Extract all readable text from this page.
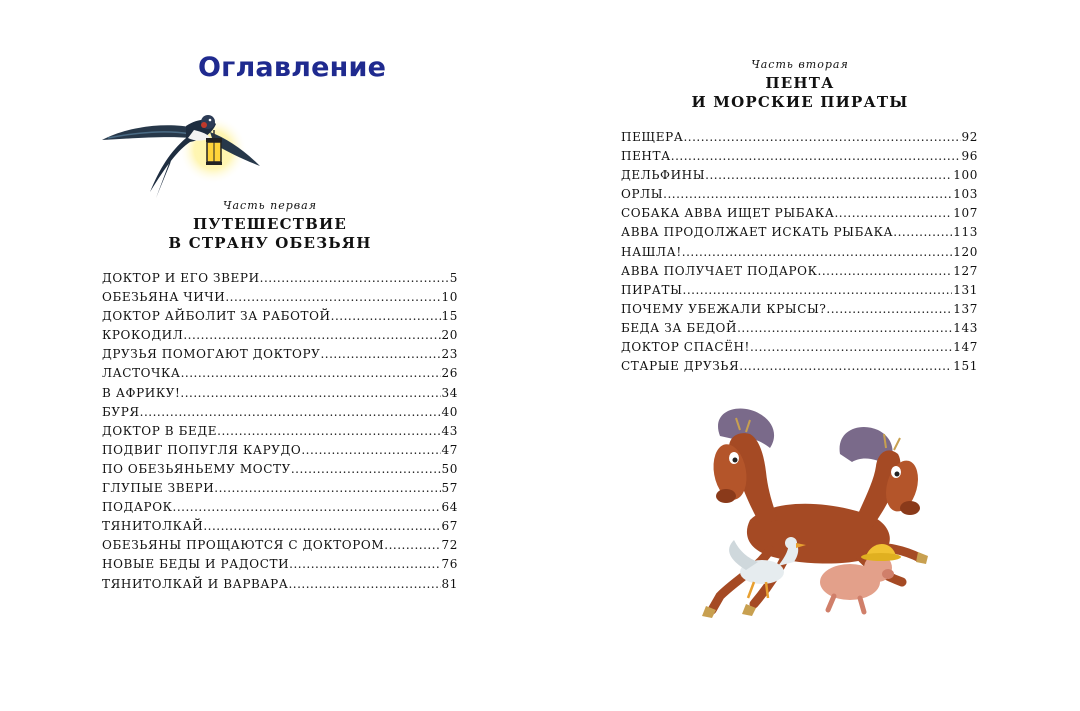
Оглавление
Часть первая
ПУТЕШЕСТВИЕ
В СТРАНУ ОБЕЗЬЯН
ДОКТОР И ЕГО ЗВЕРИ .....	5
ОБЕЗЬЯНА ЧИЧИ .....	10
ДОКТОР АЙБОЛИТ ЗА РАБОТОЙ .....	15
КРОКОДИЛ .....	20
ДРУЗЬЯ ПОМОГАЮТ ДОКТОРУ .....	23
ЛАСТОЧКА .....	26
В АФРИКУ! .....	34
БУРЯ .....	40
ДОКТОР В БЕДЕ .....	43
ПОДВИГ ПОПУГЛЯ КАРУДО .....	47
ПО ОБЕЗЬЯНЬЕМУ МОСТУ .....	50
ГЛУПЫЕ ЗВЕРИ .....	57
ПОДАРОК .....	64
ТЯНИТОЛКАЙ .....	67
ОБЕЗЬЯНЫ ПРОЩАЮТСЯ С ДОКТОРОМ .....	72
НОВЫЕ БЕДЫ И РАДОСТИ .....	76
ТЯНИТОЛКАЙ И ВАРВАРА .....	81
Часть вторая
ПЕНТА
И МОРСКИЕ ПИРАТЫ
ПЕЩЕРА .....	92
ПЕНТА .....	96
ДЕЛЬФИНЫ .....	100
ОРЛЫ .....	103
СОБАКА АВВА ИЩЕТ РЫБАКА .....	107
АВВА ПРОДОЛЖАЕТ ИСКАТЬ РЫБАКА .....	113
НАШЛА! .....	120
АВВА ПОЛУЧАЕТ ПОДАРОК .....	127
ПИРАТЫ .....	131
ПОЧЕМУ УБЕЖАЛИ КРЫСЫ? .....	137
БЕДА ЗА БЕДОЙ .....	143
ДОКТОР СПАСЁН! .....	147
СТАРЫЕ ДРУЗЬЯ .....	151
